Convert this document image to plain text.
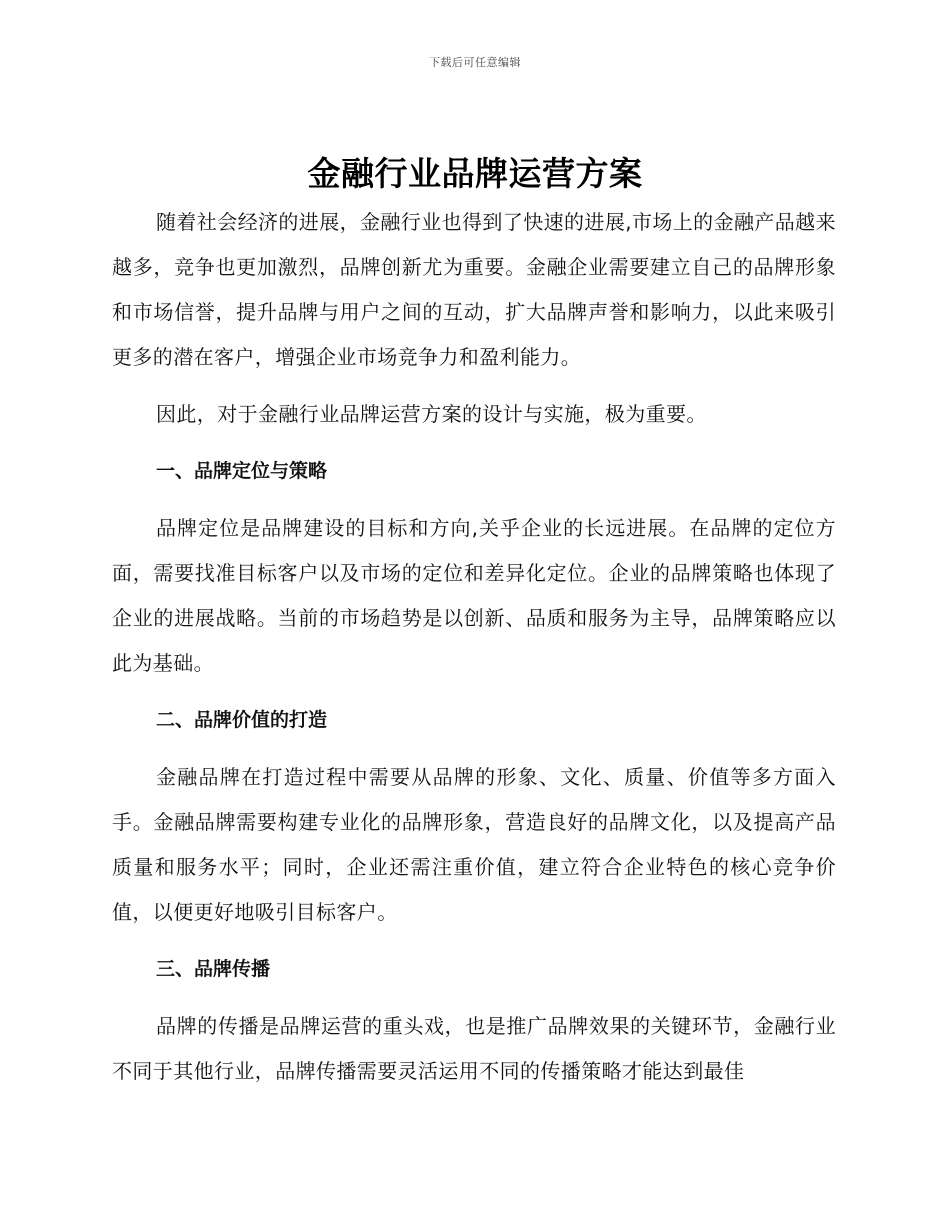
下载后可任意编辑
金融行业品牌运营方案

随着社会经济的进展，金融行业也得到了快速的进展,市场上的金融产品越来越多，竞争也更加激烈，品牌创新尤为重要。金融企业需要建立自己的品牌形象和市场信誉，提升品牌与用户之间的互动，扩大品牌声誉和影响力，以此来吸引更多的潜在客户，增强企业市场竞争力和盈利能力。

因此，对于金融行业品牌运营方案的设计与实施，极为重要。

一、品牌定位与策略

品牌定位是品牌建设的目标和方向,关乎企业的长远进展。在品牌的定位方面，需要找准目标客户以及市场的定位和差异化定位。企业的品牌策略也体现了企业的进展战略。当前的市场趋势是以创新、品质和服务为主导，品牌策略应以此为基础。

二、品牌价值的打造

金融品牌在打造过程中需要从品牌的形象、文化、质量、价值等多方面入手。金融品牌需要构建专业化的品牌形象，营造良好的品牌文化，以及提高产品质量和服务水平；同时，企业还需注重价值，建立符合企业特色的核心竞争价值，以便更好地吸引目标客户。

三、品牌传播

品牌的传播是品牌运营的重头戏，也是推广品牌效果的关键环节，金融行业不同于其他行业，品牌传播需要灵活运用不同的传播策略才能达到最佳
